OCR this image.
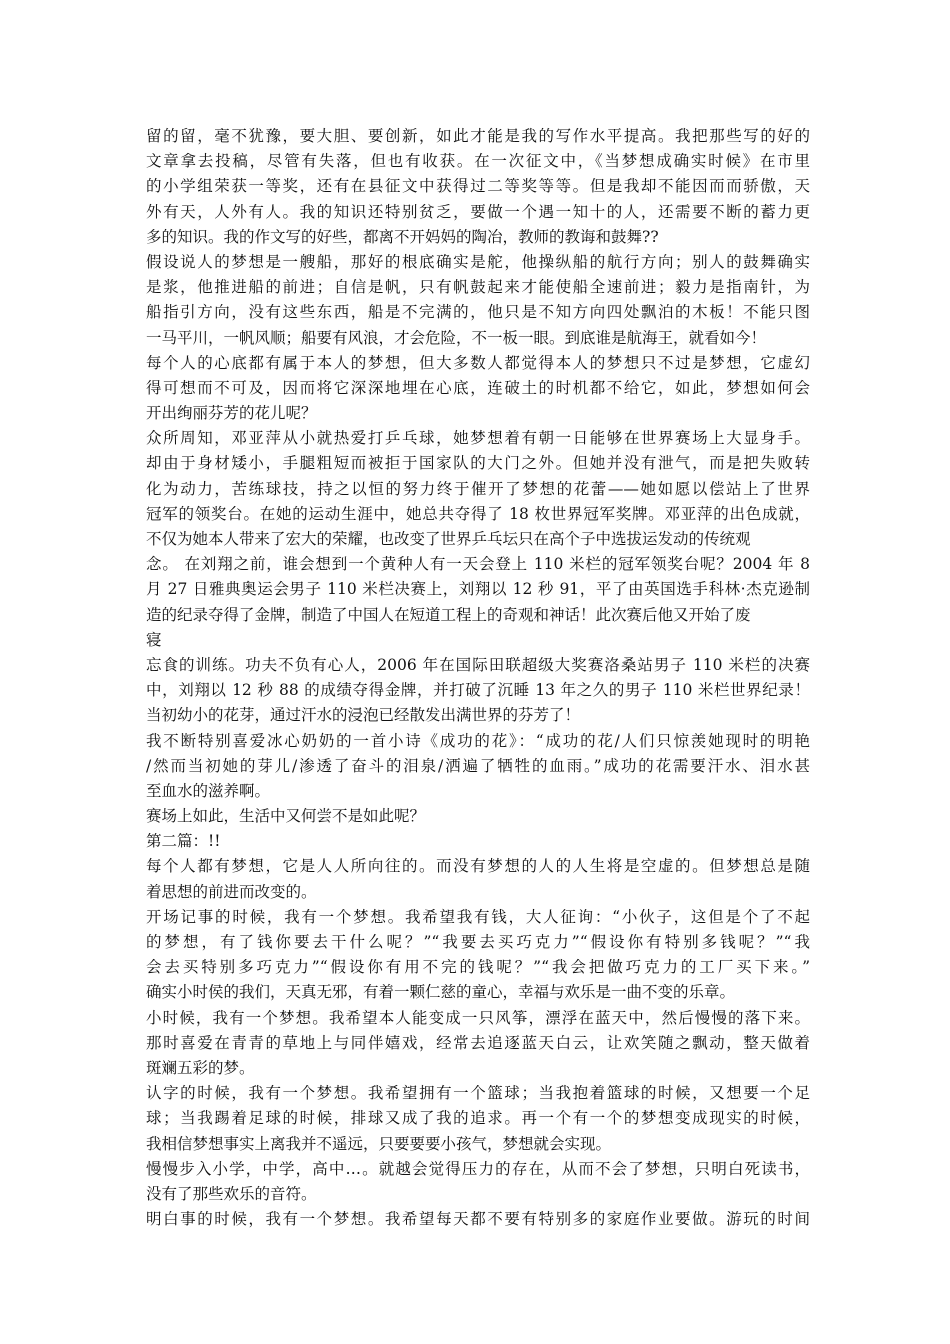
留的留，毫不犹豫，要大胆、要创新，如此才能是我的写作水平提高。我把那些写的好的
文章拿去投稿，尽管有失落，但也有收获。在一次征文中，《当梦想成确实时候》在市里
的小学组荣获一等奖，还有在县征文中获得过二等奖等等。但是我却不能因而而骄傲，天
外有天，人外有人。我的知识还特别贫乏，要做一个遇一知十的人，还需要不断的蓄力更
多的知识。我的作文写的好些，都离不开妈妈的陶冶，教师的教诲和鼓舞??
假设说人的梦想是一艘船，那好的根底确实是舵，他操纵船的航行方向；别人的鼓舞确实
是浆，他推进船的前进；自信是帆，只有帆鼓起来才能使船全速前进；毅力是指南针，为
船指引方向，没有这些东西，船是不完满的，他只是不知方向四处飘泊的木板！不能只图
一马平川，一帆风顺；船要有风浪，才会危险，不一板一眼。到底谁是航海王，就看如今！
每个人的心底都有属于本人的梦想，但大多数人都觉得本人的梦想只不过是梦想，它虚幻
得可想而不可及，因而将它深深地埋在心底，连破土的时机都不给它，如此，梦想如何会
开出绚丽芬芳的花儿呢？
众所周知，邓亚萍从小就热爱打乒乓球，她梦想着有朝一日能够在世界赛场上大显身手。
却由于身材矮小，手腿粗短而被拒于国家队的大门之外。但她并没有泄气，而是把失败转
化为动力，苦练球技，持之以恒的努力终于催开了梦想的花蕾——她如愿以偿站上了世界
冠军的领奖台。在她的运动生涯中，她总共夺得了 18 枚世界冠军奖牌。邓亚萍的出色成就，
不仅为她本人带来了宏大的荣耀，也改变了世界乒乓坛只在高个子中选拔运发动的传统观
念。 在刘翔之前，谁会想到一个黄种人有一天会登上 110 米栏的冠军领奖台呢？2004 年 8
月 27 日雅典奥运会男子 110 米栏决赛上，刘翔以 12 秒 91，平了由英国选手科林·杰克逊制
造的纪录夺得了金牌，制造了中国人在短道工程上的奇观和神话！此次赛后他又开始了废
寝
忘食的训练。功夫不负有心人，2006 年在国际田联超级大奖赛洛桑站男子 110 米栏的决赛
中，刘翔以 12 秒 88 的成绩夺得金牌，并打破了沉睡 13 年之久的男子 110 米栏世界纪录！
当初幼小的花芽，通过汗水的浸泡已经散发出满世界的芬芳了！
我不断特别喜爱冰心奶奶的一首小诗《成功的花》：“成功的花/人们只惊羡她现时的明艳
/然而当初她的芽儿/渗透了奋斗的泪泉/洒遍了牺牲的血雨。”成功的花需要汗水、泪水甚
至血水的滋养啊。
赛场上如此，生活中又何尝不是如此呢？
第二篇：!!
每个人都有梦想，它是人人所向往的。而没有梦想的人的人生将是空虚的。但梦想总是随
着思想的前进而改变的。
开场记事的时候，我有一个梦想。我希望我有钱，大人征询：“小伙子，这但是个了不起
的梦想，有了钱你要去干什么呢？”“我要去买巧克力”“假设你有特别多钱呢？”“我
会去买特别多巧克力”“假设你有用不完的钱呢？”“我会把做巧克力的工厂买下来。”
确实小时侯的我们，天真无邪，有着一颗仁慈的童心，幸福与欢乐是一曲不变的乐章。
小时候，我有一个梦想。我希望本人能变成一只风筝，漂浮在蓝天中，然后慢慢的落下来。
那时喜爱在青青的草地上与同伴嬉戏，经常去追逐蓝天白云，让欢笑随之飘动，整天做着
斑斓五彩的梦。
认字的时候，我有一个梦想。我希望拥有一个篮球；当我抱着篮球的时候，又想要一个足
球；当我踢着足球的时候，排球又成了我的追求。再一个有一个的梦想变成现实的时候，
我相信梦想事实上离我并不遥远，只要要要小孩气，梦想就会实现。
慢慢步入小学，中学，高中…。就越会觉得压力的存在，从而不会了梦想，只明白死读书，
没有了那些欢乐的音符。
明白事的时候，我有一个梦想。我希望每天都不要有特别多的家庭作业要做。游玩的时间
